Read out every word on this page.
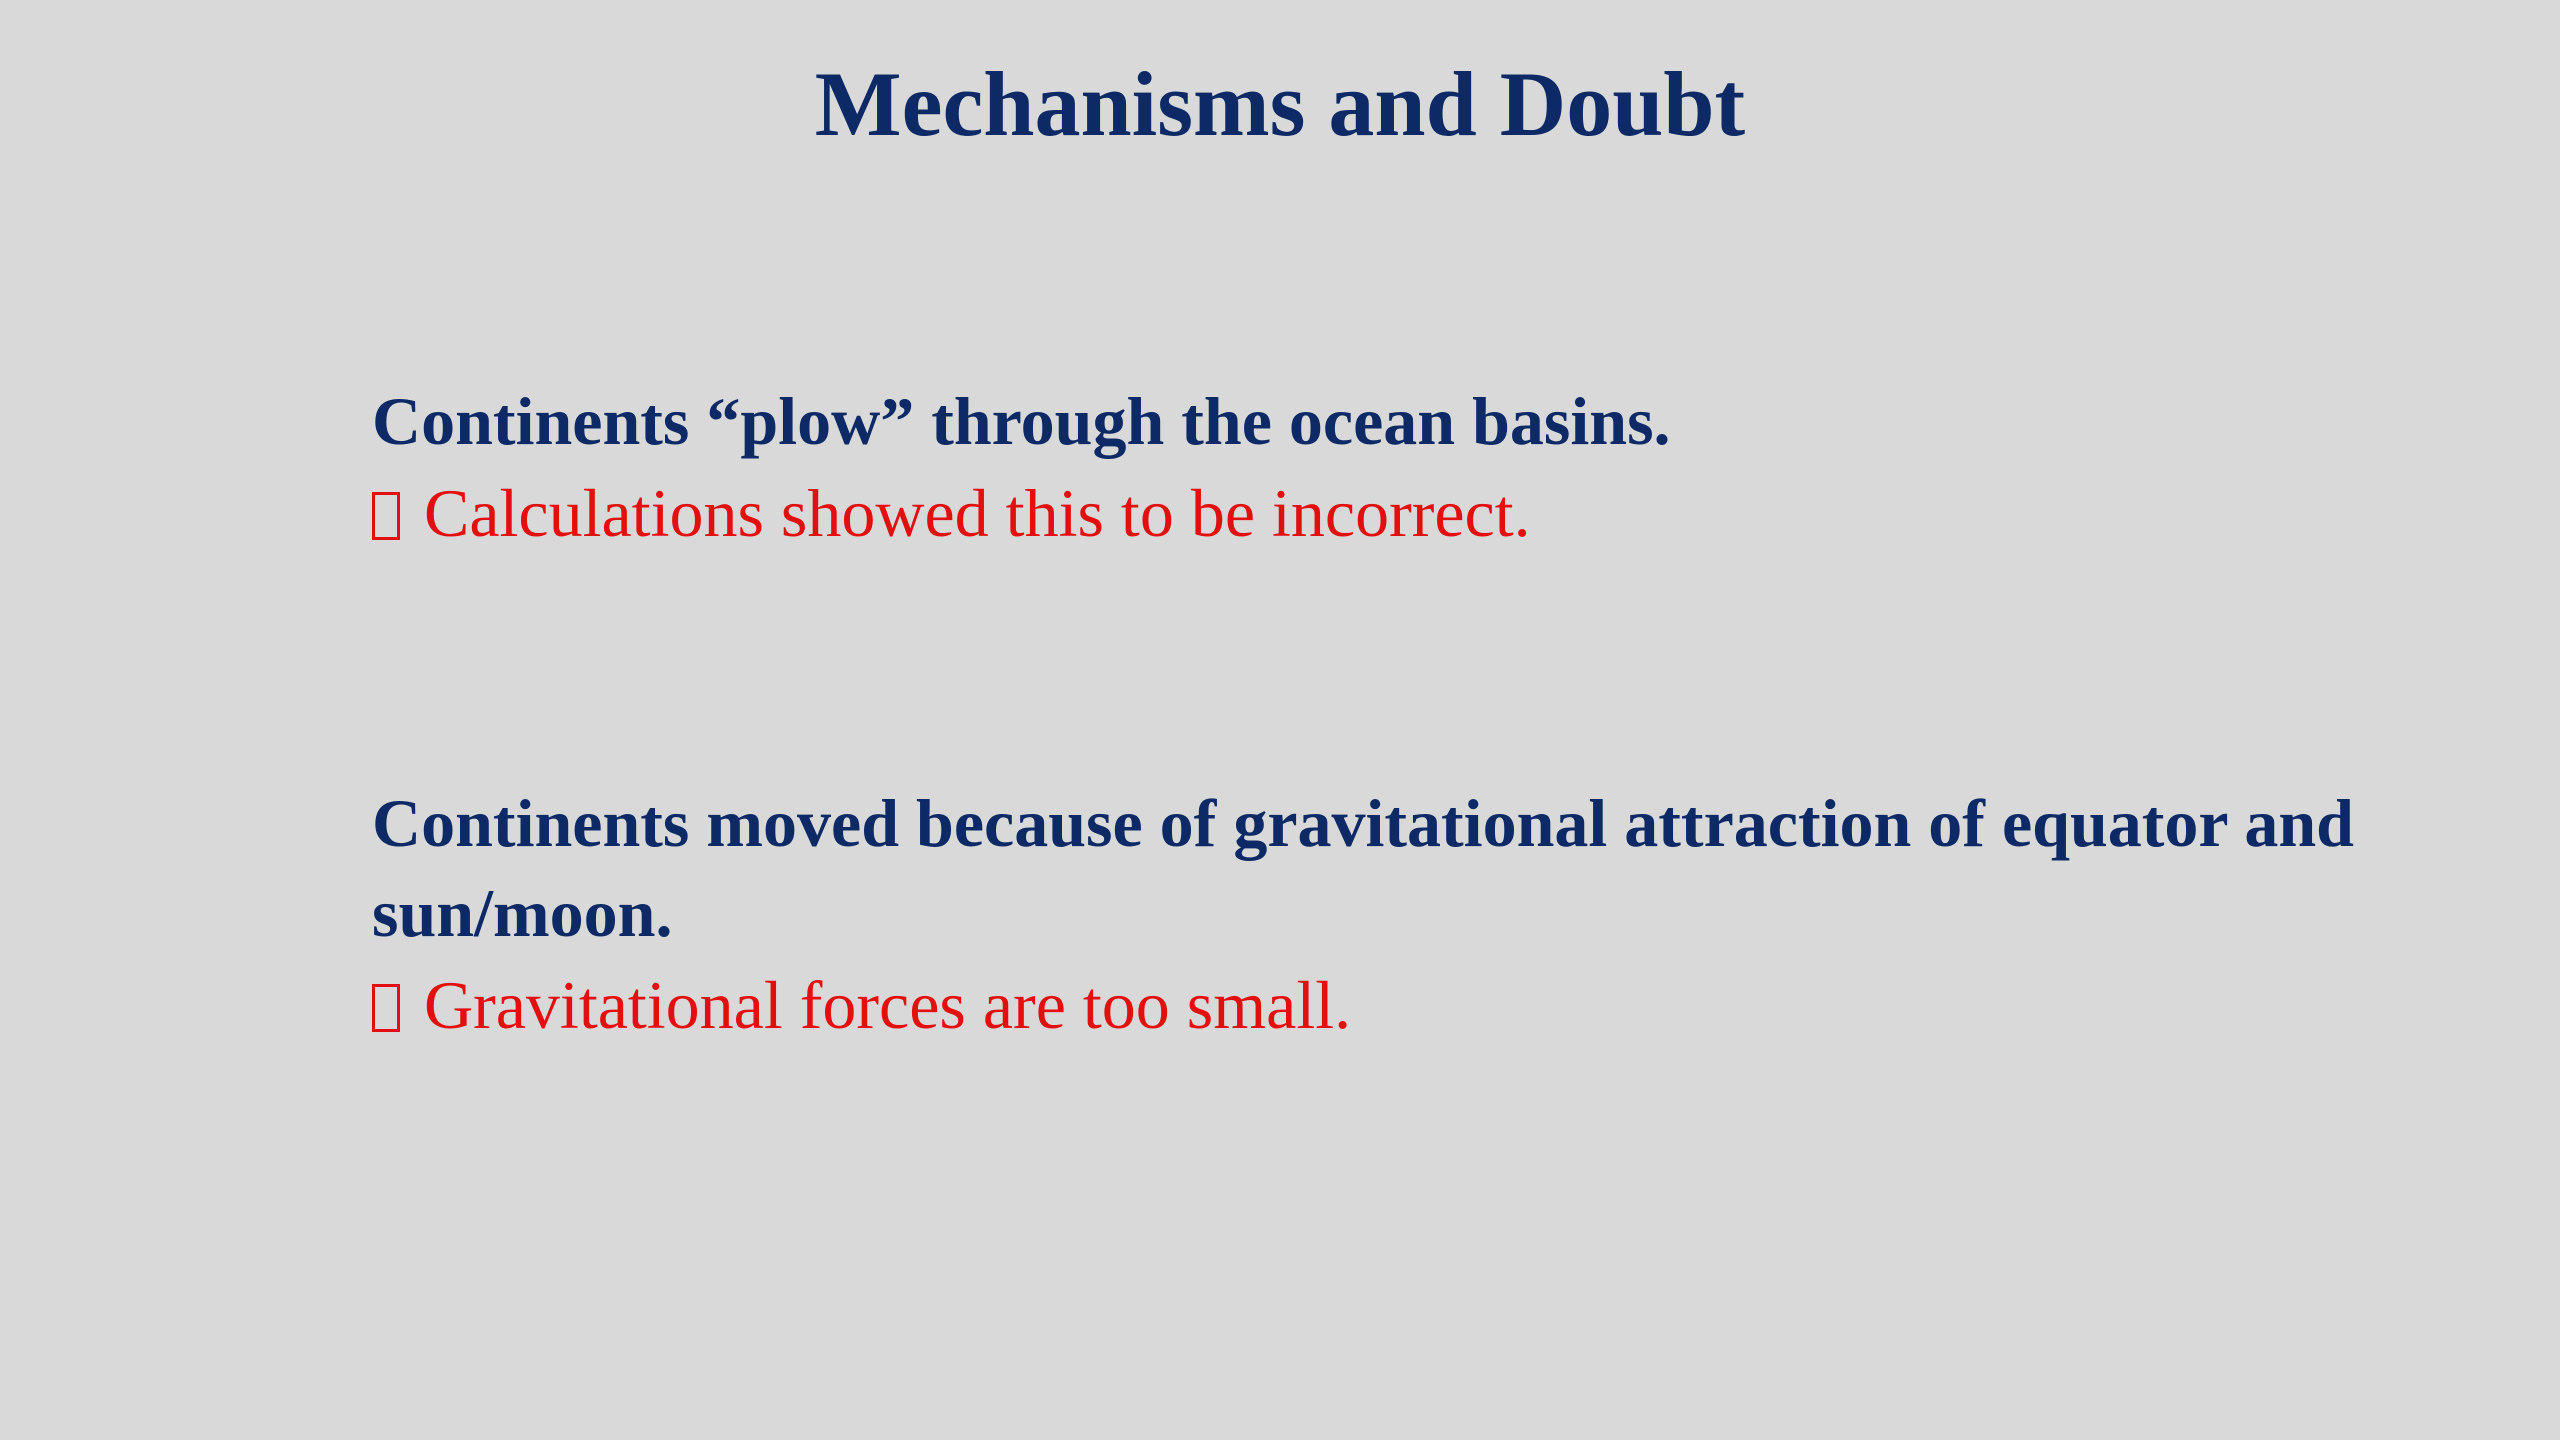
Mechanisms and Doubt

Continents “plow” through the ocean basins.

Calculations showed this to be incorrect.

Continents moved because of gravitational attraction of equator and sun/moon.

Gravitational forces are too small.
